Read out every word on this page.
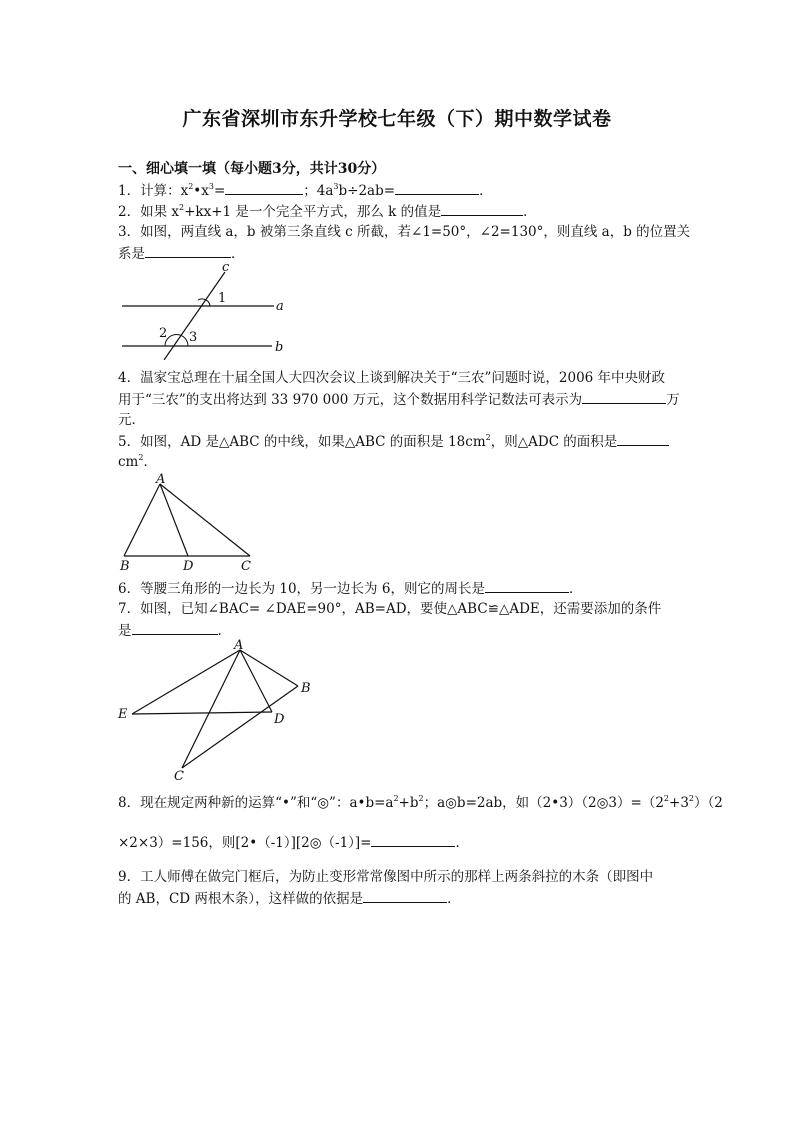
广东省深圳市东升学校七年级（下）期中数学试卷
一、细心填一填（每小题3分，共计30分）
1．计算：$x^2•x^3=$	；$4a^3b\div 2ab=$	．
2．如果 $x^2+kx+1$ 是一个完全平方式，那么 k 的值是	．
3．如图，两直线 a，b 被第三条直线 c 所截，若∠1=50°，∠2=130°，则直线 a，b 的位置关
系是	．
c
a
b
1
2 3
4．温家宝总理在十届全国人大四次会议上谈到解决关于“三农”问题时说，2006 年中央财政
用于“三农”的支出将达到 33 970 000 万元，这个数据用科学记数法可表示为	万
元．
5．如图，AD 是△ABC 的中线，如果△ABC 的面积是 $18cm^2$，则△ADC 的面积是
$cm^2$．
A
B	D	C
6．等腰三角形的一边长为 10，另一边长为 6，则它的周长是	．
7．如图，已知∠BAC= ∠DAE=90°，AB=AD，要使△ABC≌△ADE，还需要添加的条件
是	．
A
B
E	D
C
8．现在规定两种新的运算“•”和“◎”：$a•b=a^2+b^2$；a◎b=2ab，如$(2•3)(2◎3)=(2^2+3^2)(2$
×2×3）=156，则[2•（-1）][2◎（-1）]=	．
9．工人师傅在做完门框后，为防止变形常常像图中所示的那样上两条斜拉的木条（即图中
的 AB，CD 两根木条），这样做的依据是	．
